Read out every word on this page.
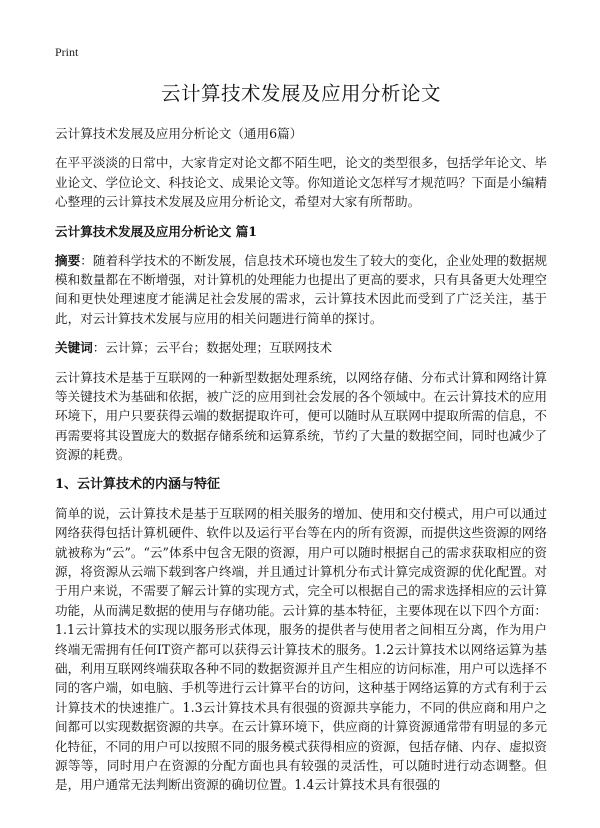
Print
云计算技术发展及应用分析论文

云计算技术发展及应用分析论文（通用6篇）

在平平淡淡的日常中，大家肯定对论文都不陌生吧，论文的类型很多，包括学年论文、毕业论文、学位论文、科技论文、成果论文等。你知道论文怎样写才规范吗？下面是小编精心整理的云计算技术发展及应用分析论文，希望对大家有所帮助。

云计算技术发展及应用分析论文 篇1

摘要：随着科学技术的不断发展，信息技术环境也发生了较大的变化，企业处理的数据规模和数量都在不断增强，对计算机的处理能力也提出了更高的要求，只有具备更大处理空间和更快处理速度才能满足社会发展的需求，云计算技术因此而受到了广泛关注，基于此，对云计算技术发展与应用的相关问题进行简单的探讨。

关键词：云计算；云平台；数据处理；互联网技术

云计算技术是基于互联网的一种新型数据处理系统，以网络存储、分布式计算和网络计算等关键技术为基础和依据，被广泛的应用到社会发展的各个领域中。在云计算技术的应用环境下，用户只要获得云端的数据提取许可，便可以随时从互联网中提取所需的信息，不再需要将其设置庞大的数据存储系统和运算系统，节约了大量的数据空间，同时也减少了资源的耗费。

1、云计算技术的内涵与特征

简单的说，云计算技术是基于互联网的相关服务的增加、使用和交付模式，用户可以通过网络获得包括计算机硬件、软件以及运行平台等在内的所有资源，而提供这些资源的网络就被称为“云”。“云”体系中包含无限的资源，用户可以随时根据自己的需求获取相应的资源，将资源从云端下载到客户终端，并且通过计算机分布式计算完成资源的优化配置。对于用户来说，不需要了解云计算的实现方式，完全可以根据自己的需求选择相应的云计算功能，从而满足数据的使用与存储功能。云计算的基本特征，主要体现在以下四个方面：1.1云计算技术的实现以服务形式体现，服务的提供者与使用者之间相互分离，作为用户终端无需拥有任何IT资产都可以获得云计算技术的服务。1.2云计算技术以网络运算为基础，利用互联网终端获取各种不同的数据资源并且产生相应的访问标准，用户可以选择不同的客户端，如电脑、手机等进行云计算平台的访问，这种基于网络运算的方式有利于云计算技术的快速推广。1.3云计算技术具有很强的资源共享能力，不同的供应商和用户之间都可以实现数据资源的共享。在云计算环境下，供应商的计算资源通常带有明显的多元化特征，不同的用户可以按照不同的服务模式获得相应的资源，包括存储、内存、虚拟资源等等，同时用户在资源的分配方面也具有较强的灵活性，可以随时进行动态调整。但是，用户通常无法判断出资源的确切位置。1.4云计算技术具有很强的
